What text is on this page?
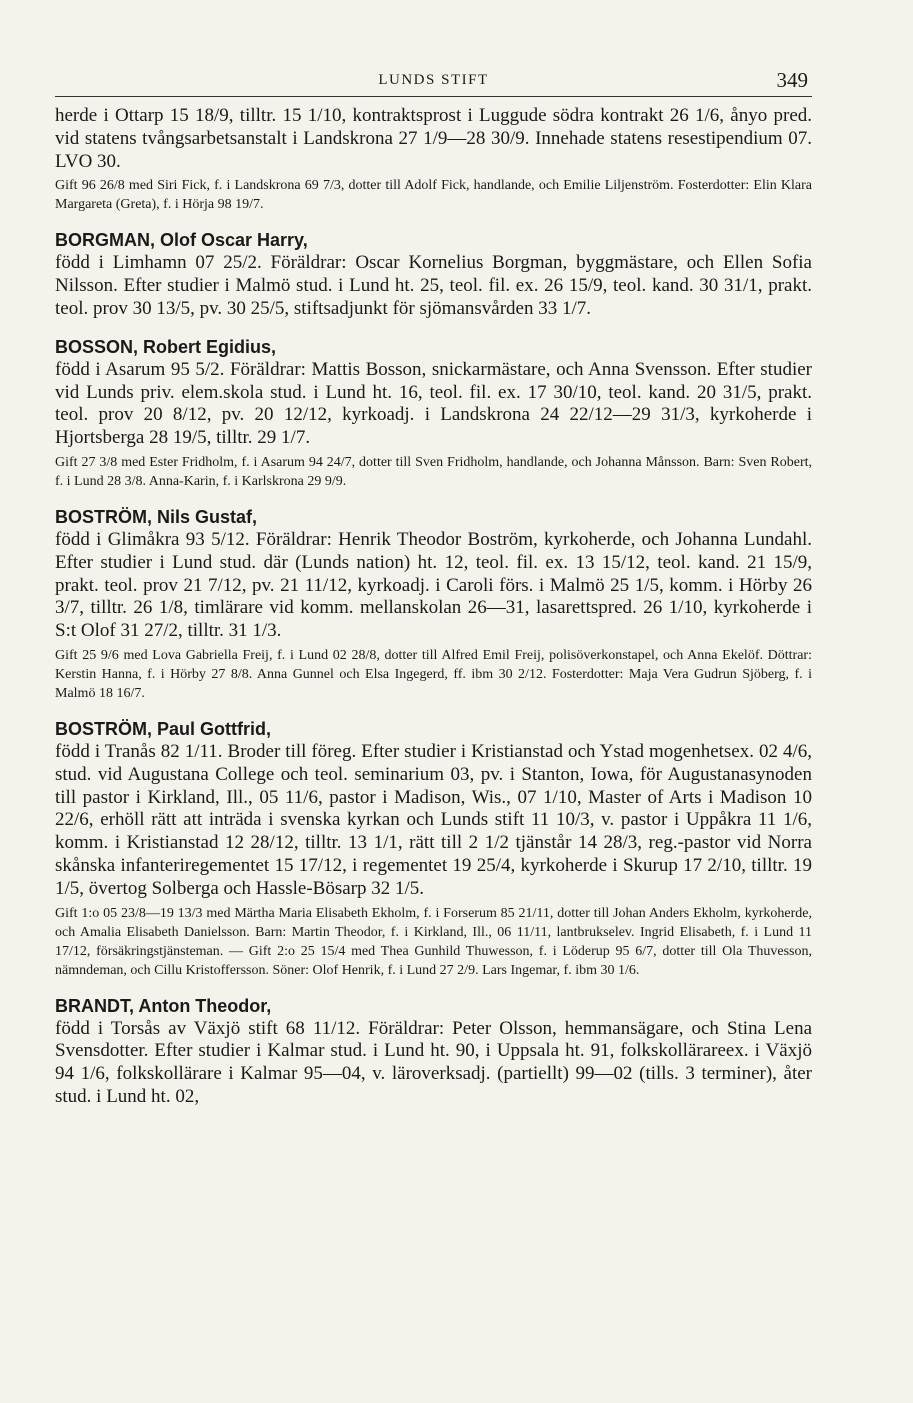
LUNDS STIFT	349

herde i Ottarp 15 18/9, tilltr. 15 1/10, kontraktsprost i Luggude södra kontrakt 26 1/6, ånyo pred. vid statens tvångsarbetsanstalt i Landskrona 27 1/9—28 30/9. Innehade statens resestipendium 07. LVO 30.

Gift 96 26/8 med Siri Fick, f. i Landskrona 69 7/3, dotter till Adolf Fick, handlande, och Emilie Liljenström. Fosterdotter: Elin Klara Margareta (Greta), f. i Hörja 98 19/7.

BORGMAN, Olof Oscar Harry,

född i Limhamn 07 25/2. Föräldrar: Oscar Kornelius Borgman, byggmästare, och Ellen Sofia Nilsson. Efter studier i Malmö stud. i Lund ht. 25, teol. fil. ex. 26 15/9, teol. kand. 30 31/1, prakt. teol. prov 30 13/5, pv. 30 25/5, stiftsadjunkt för sjömansvården 33 1/7.

BOSSON, Robert Egidius,

född i Asarum 95 5/2. Föräldrar: Mattis Bosson, snickarmästare, och Anna Svensson. Efter studier vid Lunds priv. elem.skola stud. i Lund ht. 16, teol. fil. ex. 17 30/10, teol. kand. 20 31/5, prakt. teol. prov 20 8/12, pv. 20 12/12, kyrkoadj. i Landskrona 24 22/12—29 31/3, kyrkoherde i Hjortsberga 28 19/5, tilltr. 29 1/7.

Gift 27 3/8 med Ester Fridholm, f. i Asarum 94 24/7, dotter till Sven Fridholm, handlande, och Johanna Månsson. Barn: Sven Robert, f. i Lund 28 3/8. Anna-Karin, f. i Karlskrona 29 9/9.

BOSTRÖM, Nils Gustaf,

född i Glimåkra 93 5/12. Föräldrar: Henrik Theodor Boström, kyrkoherde, och Johanna Lundahl. Efter studier i Lund stud. där (Lunds nation) ht. 12, teol. fil. ex. 13 15/12, teol. kand. 21 15/9, prakt. teol. prov 21 7/12, pv. 21 11/12, kyrkoadj. i Caroli förs. i Malmö 25 1/5, komm. i Hörby 26 3/7, tilltr. 26 1/8, timlärare vid komm. mellanskolan 26—31, lasarettspred. 26 1/10, kyrkoherde i S:t Olof 31 27/2, tilltr. 31 1/3.

Gift 25 9/6 med Lova Gabriella Freij, f. i Lund 02 28/8, dotter till Alfred Emil Freij, polisöverkonstapel, och Anna Ekelöf. Döttrar: Kerstin Hanna, f. i Hörby 27 8/8. Anna Gunnel och Elsa Ingegerd, ff. ibm 30 2/12. Fosterdotter: Maja Vera Gudrun Sjöberg, f. i Malmö 18 16/7.

BOSTRÖM, Paul Gottfrid,

född i Tranås 82 1/11. Broder till föreg. Efter studier i Kristianstad och Ystad mogenhetsex. 02 4/6, stud. vid Augustana College och teol. seminarium 03, pv. i Stanton, Iowa, för Augustanasynoden till pastor i Kirkland, Ill., 05 11/6, pastor i Madison, Wis., 07 1/10, Master of Arts i Madison 10 22/6, erhöll rätt att inträda i svenska kyrkan och Lunds stift 11 10/3, v. pastor i Uppåkra 11 1/6, komm. i Kristianstad 12 28/12, tilltr. 13 1/1, rätt till 2 1/2 tjänstår 14 28/3, reg.-pastor vid Norra skånska infanteriregementet 15 17/12, i regementet 19 25/4, kyrkoherde i Skurup 17 2/10, tilltr. 19 1/5, övertog Solberga och Hassle-Bösarp 32 1/5.

Gift 1:o 05 23/8—19 13/3 med Märtha Maria Elisabeth Ekholm, f. i Forserum 85 21/11, dotter till Johan Anders Ekholm, kyrkoherde, och Amalia Elisabeth Danielsson. Barn: Martin Theodor, f. i Kirkland, Ill., 06 11/11, lantbrukselev. Ingrid Elisabeth, f. i Lund 11 17/12, försäkringstjänsteman. — Gift 2:o 25 15/4 med Thea Gunhild Thuwesson, f. i Löderup 95 6/7, dotter till Ola Thuvesson, nämndeman, och Cillu Kristoffersson. Söner: Olof Henrik, f. i Lund 27 2/9. Lars Ingemar, f. ibm 30 1/6.

BRANDT, Anton Theodor,

född i Torsås av Växjö stift 68 11/12. Föräldrar: Peter Olsson, hemmansägare, och Stina Lena Svensdotter. Efter studier i Kalmar stud. i Lund ht. 90, i Uppsala ht. 91, folkskollärareex. i Växjö 94 1/6, folkskollärare i Kalmar 95—04, v. läroverksadj. (partiellt) 99—02 (tills. 3 terminer), åter stud. i Lund ht. 02,
